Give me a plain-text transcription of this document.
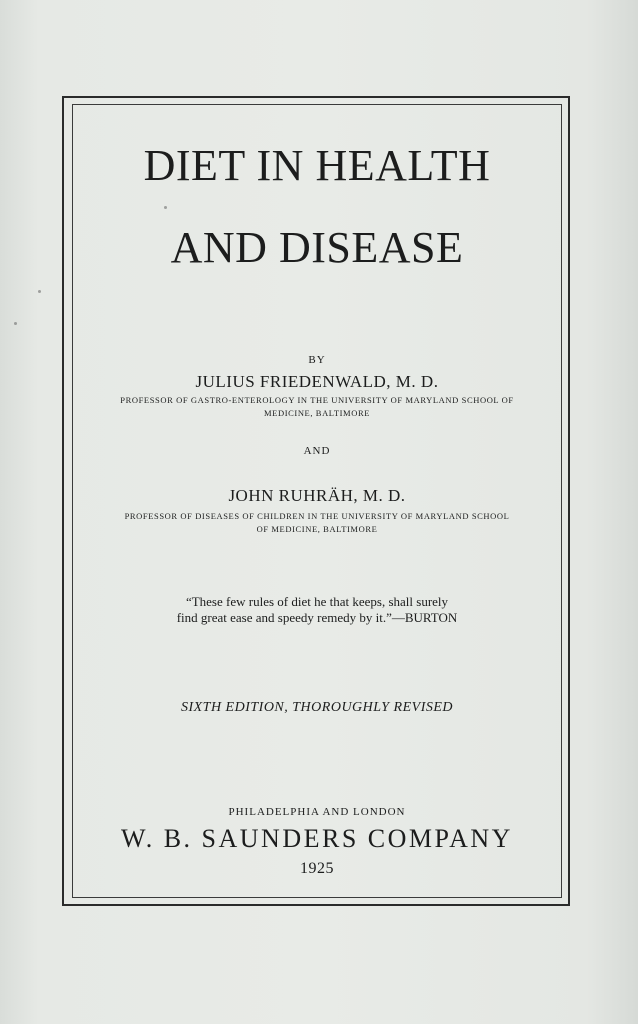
DIET IN HEALTH
AND DISEASE
BY
JULIUS FRIEDENWALD, M. D.
PROFESSOR OF GASTRO-ENTEROLOGY IN THE UNIVERSITY OF MARYLAND SCHOOL OF
MEDICINE, BALTIMORE
AND
JOHN RUHRÄH, M. D.
PROFESSOR OF DISEASES OF CHILDREN IN THE UNIVERSITY OF MARYLAND SCHOOL
OF MEDICINE, BALTIMORE
“These few rules of diet he that keeps, shall surely
find great ease and speedy remedy by it.”—BURTON
SIXTH EDITION, THOROUGHLY REVISED
PHILADELPHIA AND LONDON
W. B. SAUNDERS COMPANY
1925
